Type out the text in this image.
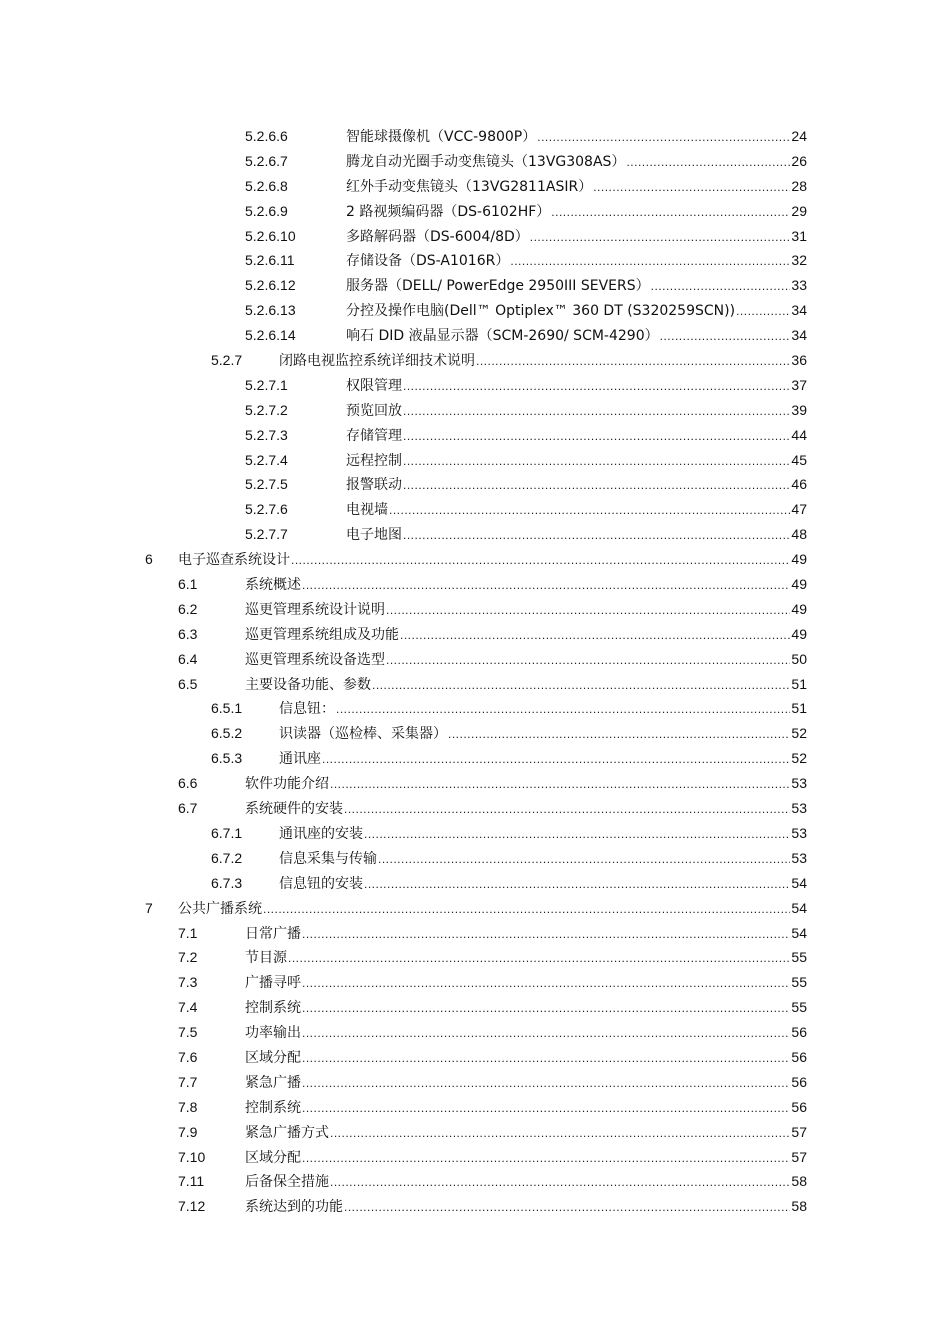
5.2.6.6	智能球摄像机（VCC-9800P） .....	24
5.2.6.7	腾龙自动光圈手动变焦镜头（13VG308AS） .....	26
5.2.6.8	红外手动变焦镜头（13VG2811ASIR） .....	28
5.2.6.9	2 路视频编码器（DS-6102HF） .....	29
5.2.6.10	多路解码器（DS-6004/8D） .....	31
5.2.6.11	存储设备（DS-A1016R） .....	32
5.2.6.12	服务器（DELL/ PowerEdge 2950III SEVERS） .....	33
5.2.6.13	分控及操作电脑(Dell™ Optiplex™ 360 DT (S320259SCN)) .....	34
5.2.6.14	响石 DID 液晶显示器（SCM-2690/ SCM-4290） .....	34
5.2.7	闭路电视监控系统详细技术说明 .....	36
5.2.7.1	权限管理 .....	37
5.2.7.2	预览回放 .....	39
5.2.7.3	存储管理 .....	44
5.2.7.4	远程控制 .....	45
5.2.7.5	报警联动 .....	46
5.2.7.6	电视墙 .....	47
5.2.7.7	电子地图 .....	48
6 电子巡查系统设计 .....	49
6.1	系统概述 .....	49
6.2	巡更管理系统设计说明 .....	49
6.3	巡更管理系统组成及功能 .....	49
6.4	巡更管理系统设备选型 .....	50
6.5	主要设备功能、参数 .....	51
6.5.1	信息钮： .....	51
6.5.2	识读器（巡检棒、采集器） .....	52
6.5.3	通讯座 .....	52
6.6	软件功能介绍 .....	53
6.7	系统硬件的安装 .....	53
6.7.1	通讯座的安装 .....	53
6.7.2	信息采集与传输 .....	53
6.7.3	信息钮的安装 .....	54
7 公共广播系统 .....	54
7.1	日常广播 .....	54
7.2	节目源 .....	55
7.3	广播寻呼 .....	55
7.4	控制系统 .....	55
7.5	功率输出 .....	56
7.6	区域分配 .....	56
7.7	紧急广播 .....	56
7.8	控制系统 .....	56
7.9	紧急广播方式 .....	57
7.10	区域分配 .....	57
7.11	后备保全措施 .....	58
7.12	系统达到的功能 .....	58
